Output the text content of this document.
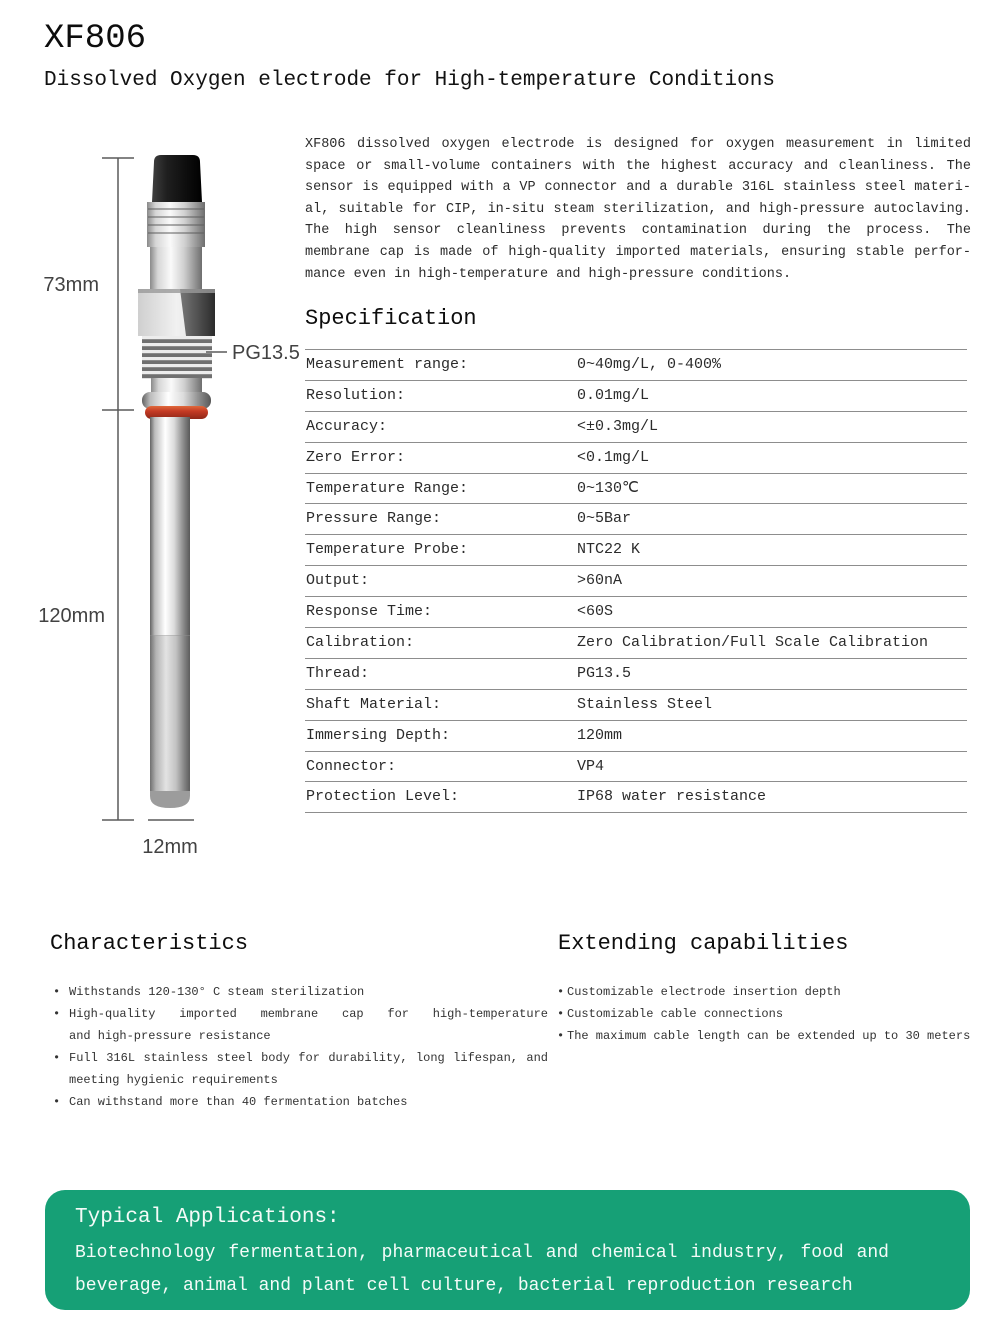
XF806
Dissolved Oxygen electrode for High-temperature Conditions
73mm
120mm
12mm
PG13.5
XF806 dissolved oxygen electrode is designed for oxygen measurement in limited
space or small-volume containers with the highest accuracy and cleanliness. The
sensor is equipped with a VP connector and a durable 316L stainless steel materi-
al, suitable for CIP, in-situ steam sterilization, and high-pressure autoclaving.
The high sensor cleanliness prevents contamination during the process. The
membrane cap is made of high-quality imported materials, ensuring stable perfor-
mance even in high-temperature and high-pressure conditions.
Specification
Measurement range:	0~40mg/L, 0-400%
Resolution:	0.01mg/L
Accuracy:	<±0.3mg/L
Zero Error:	<0.1mg/L
Temperature Range:	0~130℃
Pressure Range:	0~5Bar
Temperature Probe:	NTC22 K
Output:	>60nA
Response Time:	<60S
Calibration:	Zero Calibration/Full Scale Calibration
Thread:	PG13.5
Shaft Material:	Stainless Steel
Immersing Depth:	120mm
Connector:	VP4
Protection Level:	IP68 water resistance
Characteristics
• Withstands 120-130° C steam sterilization
• High-quality imported membrane cap for high-temperature
and high-pressure resistance
• Full 316L stainless steel body for durability, long lifespan, and
meeting hygienic requirements
• Can withstand more than 40 fermentation batches
Extending capabilities
• Customizable electrode insertion depth
• Customizable cable connections
• The maximum cable length can be extended up to 30 meters
Typical Applications:
Biotechnology fermentation, pharmaceutical and chemical industry, food and
beverage, animal and plant cell culture, bacterial reproduction research
